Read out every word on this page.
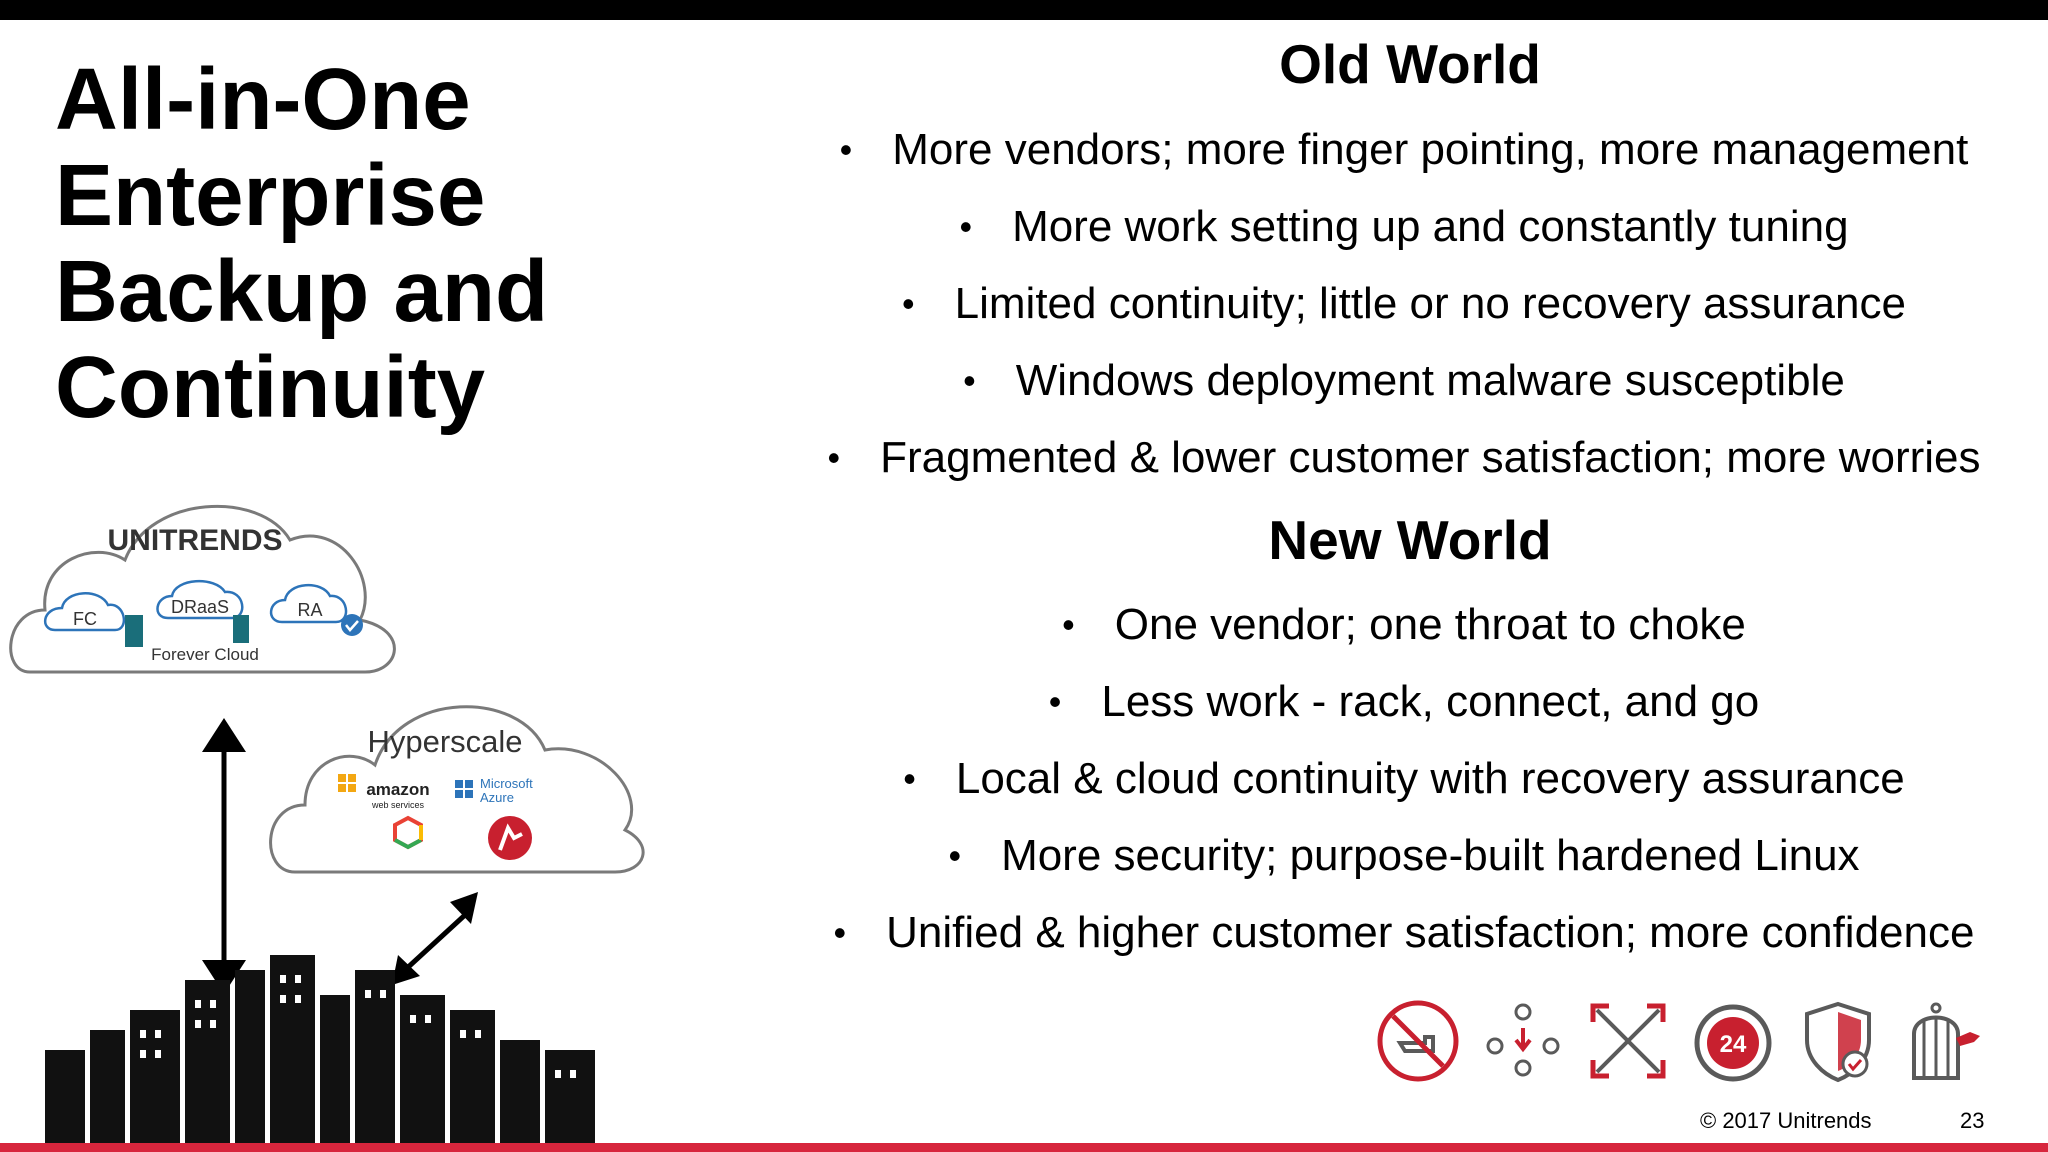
All-in-One
Enterprise
Backup and
Continuity
Old World
• More vendors; more finger pointing, more management
• More work setting up and constantly tuning
• Limited continuity; little or no recovery assurance
• Windows deployment malware susceptible
• Fragmented & lower customer satisfaction; more worries
New World
• One vendor; one throat to choke
• Less work - rack, connect, and go
• Local & cloud continuity with recovery assurance
• More security; purpose-built hardened Linux
• Unified & higher customer satisfaction; more confidence
UNITRENDS
FC
DRaaS	RA
Forever Cloud
Hyperscale
amazon
web services
Microsoft
Azure
24
© 2017 Unitrends	23
